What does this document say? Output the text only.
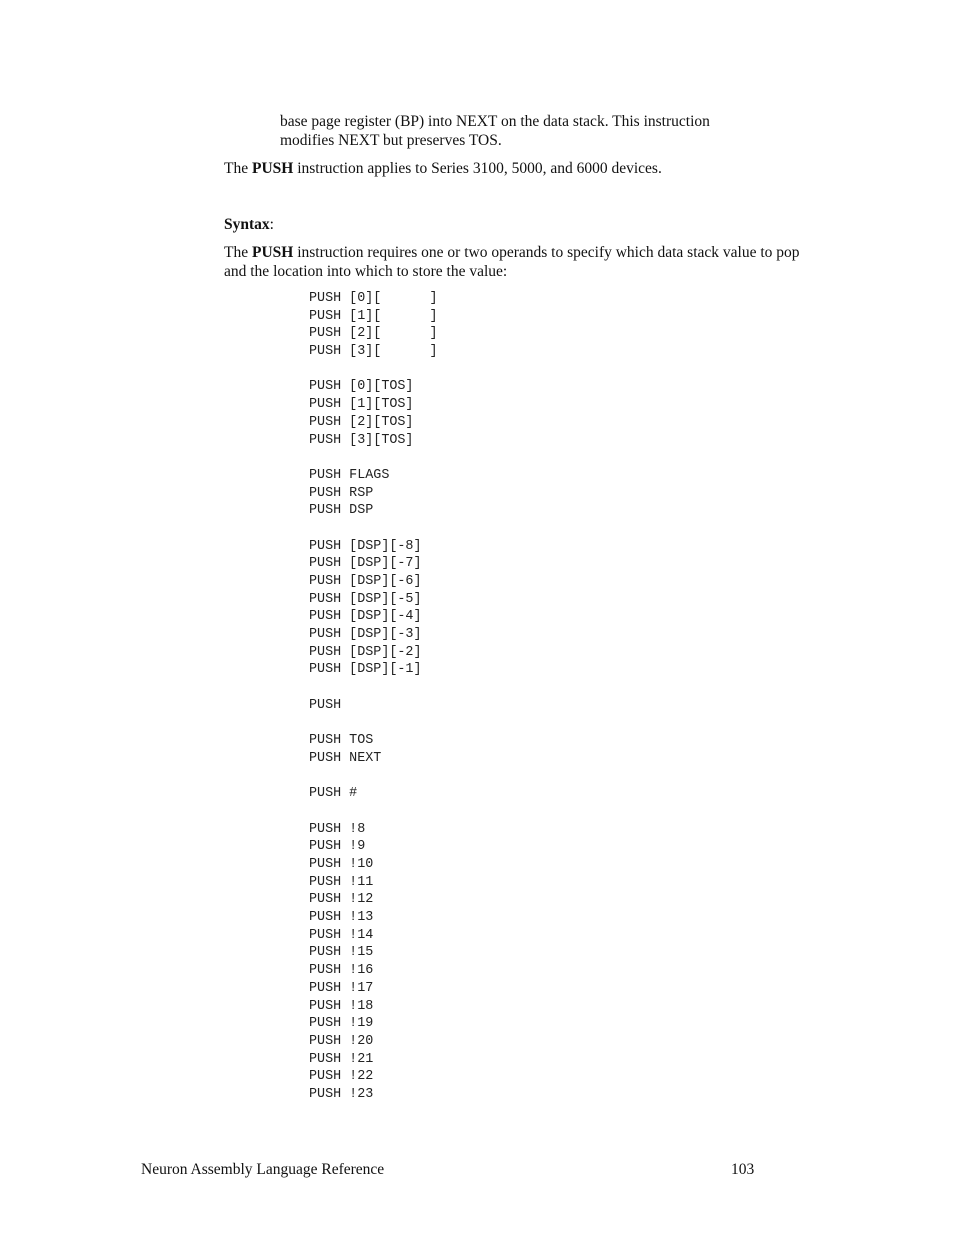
base page register (BP) into NEXT on the data stack. This instruction
modifies NEXT but preserves TOS.
The PUSH instruction applies to Series 3100, 5000, and 6000 devices.
Syntax:
The PUSH instruction requires one or two operands to specify which data stack value to pop and the location into which to store the value:
PUSH [0][      ]
PUSH [1][      ]
PUSH [2][      ]
PUSH [3][      ]
PUSH [0][TOS]
PUSH [1][TOS]
PUSH [2][TOS]
PUSH [3][TOS]
PUSH FLAGS
PUSH RSP
PUSH DSP
PUSH [DSP][-8]
PUSH [DSP][-7]
PUSH [DSP][-6]
PUSH [DSP][-5]
PUSH [DSP][-4]
PUSH [DSP][-3]
PUSH [DSP][-2]
PUSH [DSP][-1]
PUSH
PUSH TOS
PUSH NEXT
PUSH #
PUSH !8
PUSH !9
PUSH !10
PUSH !11
PUSH !12
PUSH !13
PUSH !14
PUSH !15
PUSH !16
PUSH !17
PUSH !18
PUSH !19
PUSH !20
PUSH !21
PUSH !22
PUSH !23
Neuron Assembly Language Reference	103
